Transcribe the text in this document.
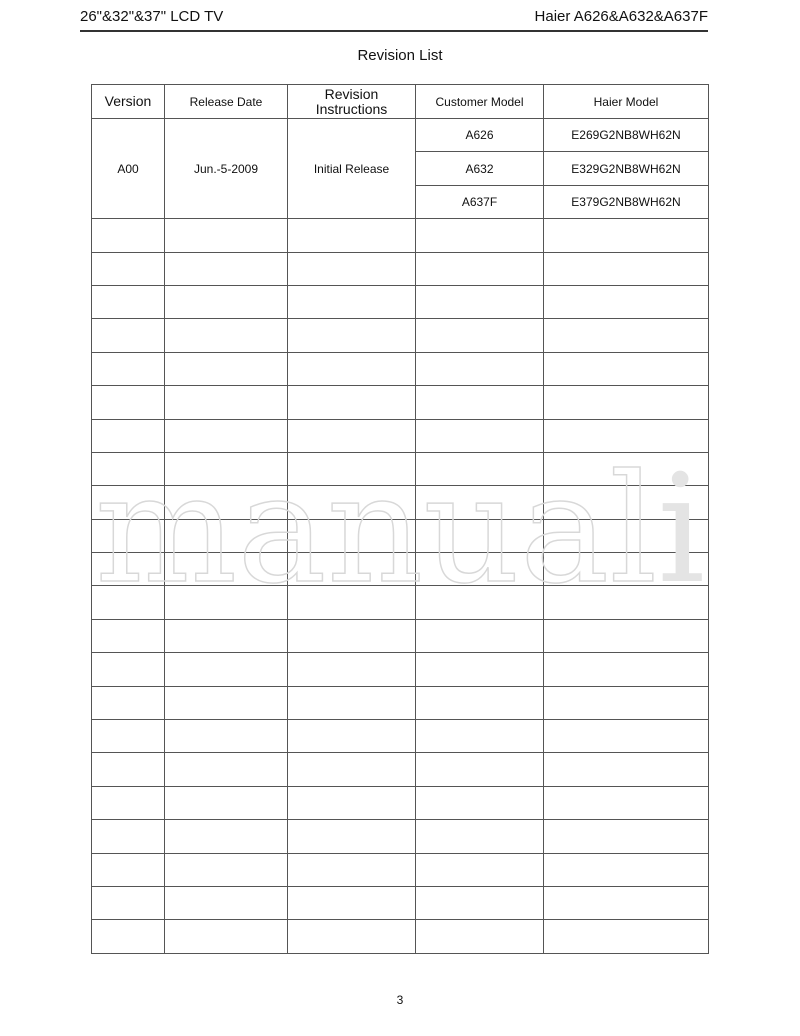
26"&32"&37" LCD TV	Haier A626&A632&A637F
Revision List
Version	Release Date	Revision Instructions	Customer Model	Haier Model
A00	Jun.-5-2009	Initial Release	A626	E269G2NB8WH62N
			A632	E329G2NB8WH62N
			A637F	E379G2NB8WH62N

manuali
3
